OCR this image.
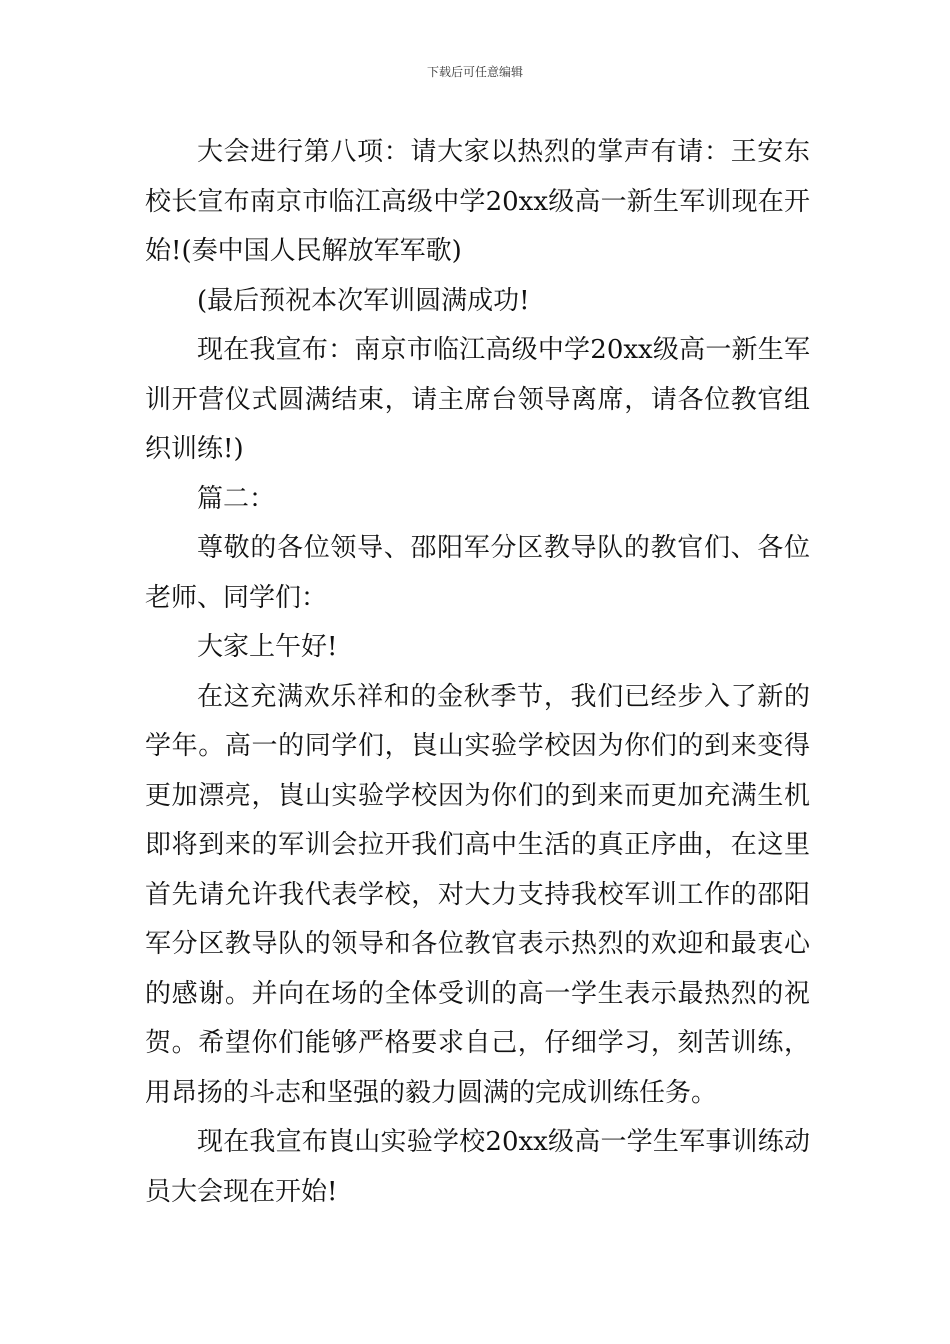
下载后可任意编辑

大会进行第八项：请大家以热烈的掌声有请：王安东校长宣布南京市临江高级中学20xx级高一新生军训现在开始!(奏中国人民解放军军歌)

(最后预祝本次军训圆满成功!

现在我宣布：南京市临江高级中学20xx级高一新生军训开营仪式圆满结束，请主席台领导离席，请各位教官组织训练!)

篇二：

尊敬的各位领导、邵阳军分区教导队的教官们、各位老师、同学们：

大家上午好!

在这充满欢乐祥和的金秋季节，我们已经步入了新的学年。高一的同学们，崀山实验学校因为你们的到来变得更加漂亮，崀山实验学校因为你们的到来而更加充满生机即将到来的军训会拉开我们高中生活的真正序曲，在这里首先请允许我代表学校，对大力支持我校军训工作的邵阳军分区教导队的领导和各位教官表示热烈的欢迎和最衷心的感谢。并向在场的全体受训的高一学生表示最热烈的祝贺。希望你们能够严格要求自己，仔细学习，刻苦训练，用昂扬的斗志和坚强的毅力圆满的完成训练任务。

现在我宣布崀山实验学校20xx级高一学生军事训练动员大会现在开始!
